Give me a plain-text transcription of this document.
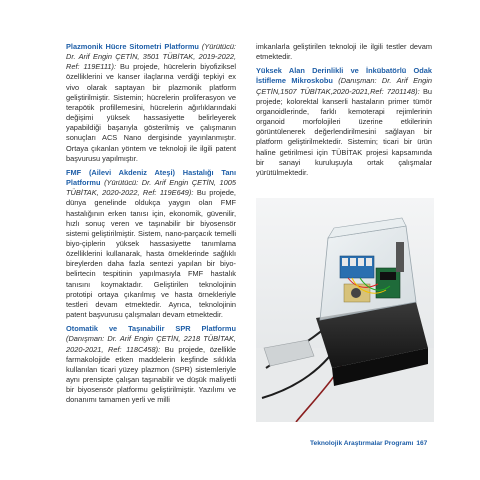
Plazmonik Hücre Sitometri Platformu (Yürütücü: Dr. Arif Engin ÇETİN, 3501 TÜBİTAK, 2019-2022, Ref: 119E111): Bu projede, hücrelerin biyofiziksel özelliklerini ve kanser ilaçlarına verdiği tepkiyi ex vivo olarak saptayan bir plazmonik platform geliştirilmiştir. Sistemin; hücrelerin proliferasyon ve terapötik profillemesini, hücrelerin ağırlıklarındaki değişimi yüksek hassasiyette belirleyerek yapabildiği başarıyla gösterilmiş ve çalışmanın sonuçları ACS Nano dergisinde yayınlanmıştır. Ortaya çıkanlan yöntem ve teknoloji ile ilgili patent başvurusu yapılmıştır.

FMF (Ailevi Akdeniz Ateşi) Hastalığı Tanı Platformu (Yürütücü: Dr. Arif Engin ÇETİN, 1005 TÜBİTAK, 2020-2022, Ref: 119E649): Bu projede, dünya genelinde oldukça yaygın olan FMF hastalığının erken tanısı için, ekonomik, güvenilir, hızlı sonuç veren ve taşınabilir bir biyosensör sistemi geliştirilmiştir. Sistem, nano-parçacık temelli biyo-çiplerin yüksek hassasiyette tanımlama özelliklerini kullanarak, hasta örneklerinde sağlıklı bireylerden daha fazla sentezi yapılan bir biyo-belirtecin tespitinin yapılmasıyla FMF hastalık tanısını koymaktadır. Geliştirilen teknolojinin prototipi ortaya çıkarılmış ve hasta örnekleriyle testleri devam etmektedir. Ayrıca, teknolojinin patent başvurusu çalışmaları devam etmektedir.

Otomatik ve Taşınabilir SPR Platformu (Danışman: Dr. Arif Engin ÇETİN, 2218 TÜBİTAK, 2020-2021, Ref: 118C458): Bu projede, özellikle farmakolojide etken maddelerin keşfinde sıklıkla kullanılan ticari yüzey plazmon (SPR) sistemleriyle aynı prensipte çalışan taşınabilir ve düşük maliyetli bir biyosensör platformu geliştirilmiştir. Yazılımı ve donanımı tamamen yerli ve milli

imkanlarla geliştirilen teknoloji ile ilgili testler devam etmektedir.

Yüksek Alan Derinlikli ve İnkübatörlü Odak İstifleme Mikroskobu (Danışman: Dr. Arif Engin ÇETİN,1507 TÜBİTAK,2020-2021,Ref: 7201148): Bu projede; kolorektal kanserli hastaların primer tümör organoidlerinde, farklı kemoterapi rejimlerinin organoid morfolojileri üzerine etkilerinin görüntülenerek değerlendirilmesini sağlayan bir platform geliştirilmektedir. Sistemin; ticari bir ürün haline getirilmesi için TÜBİTAK projesi kapsamında bir sanayi kuruluşuyla ortak çalışmalar yürütülmektedir.

Teknolojik Araştırmalar Programı 167
